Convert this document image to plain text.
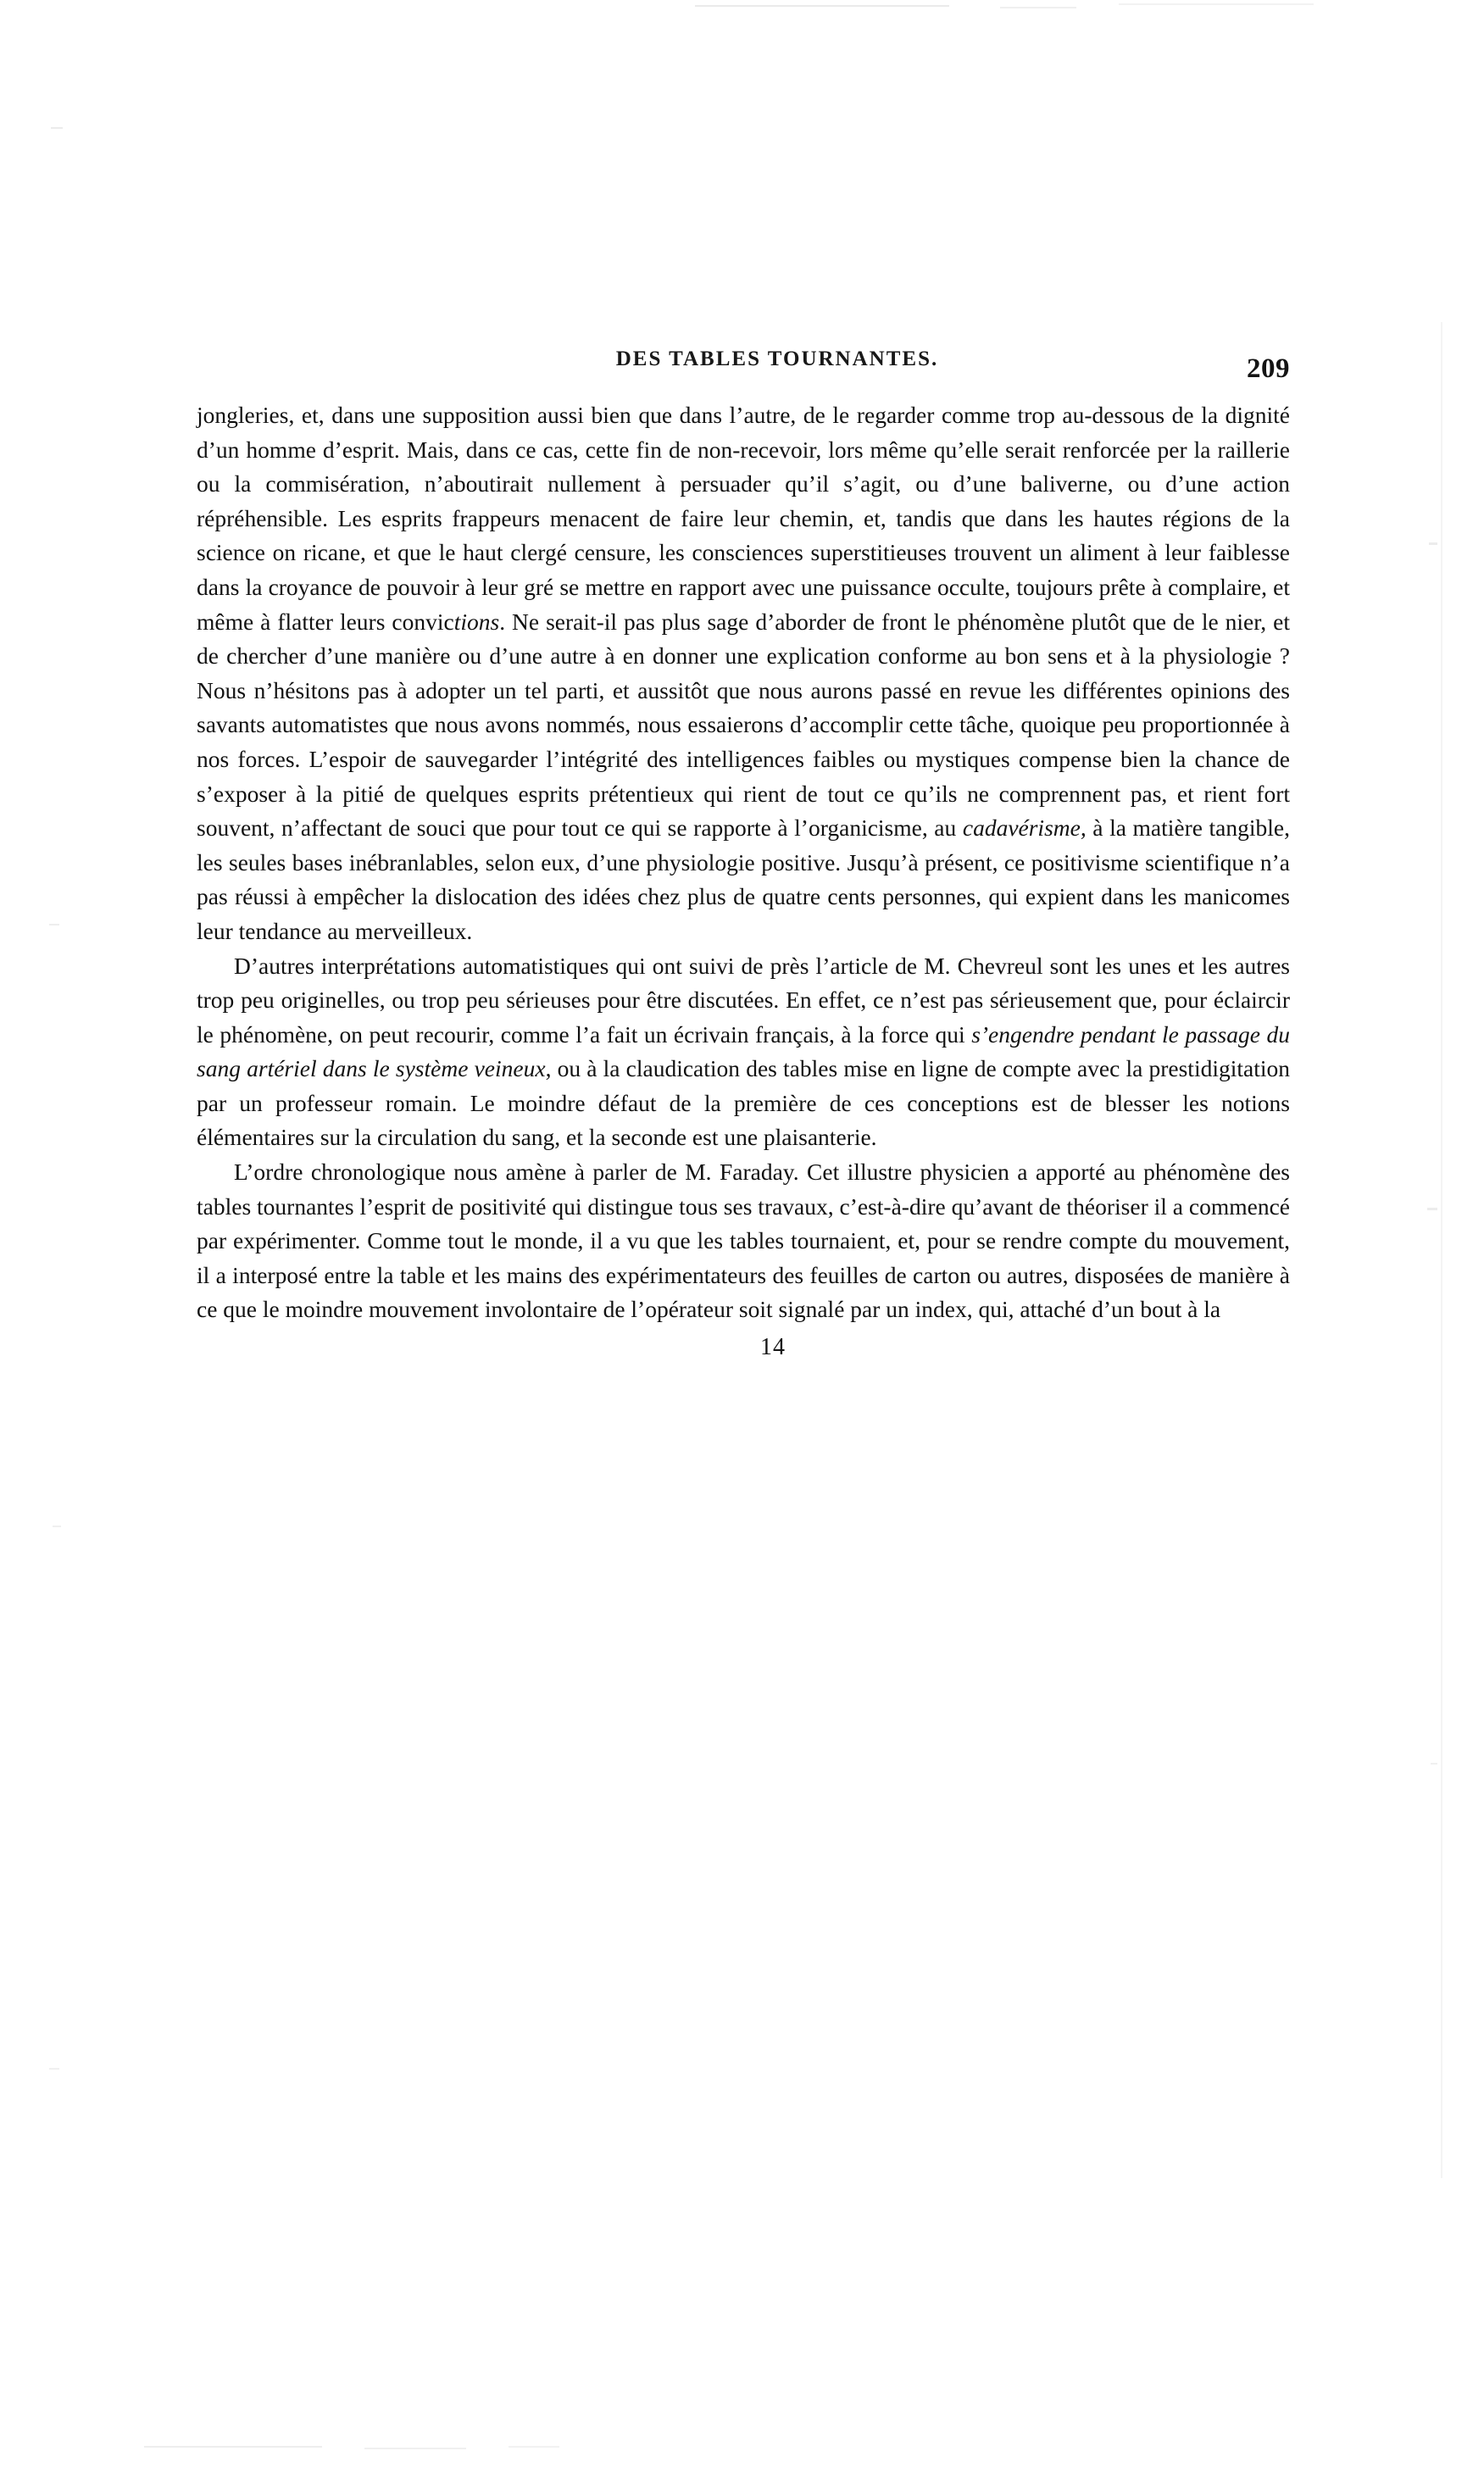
DES TABLES TOURNANTES.	209

jongleries, et, dans une supposition aussi bien que dans l’autre, de le regarder comme trop au-dessous de la dignité d’un homme d’esprit. Mais, dans ce cas, cette fin de non-recevoir, lors même qu’elle serait renforcée per la raillerie ou la commisération, n’aboutirait nullement à persuader qu’il s’agit, ou d’une baliverne, ou d’une action répréhensible. Les esprits frappeurs menacent de faire leur chemin, et, tandis que dans les hautes régions de la science on ricane, et que le haut clergé censure, les consciences superstitieuses trouvent un aliment à leur faiblesse dans la croyance de pouvoir à leur gré se mettre en rapport avec une puissance occulte, toujours prête à complaire, et même à flatter leurs convictions. Ne serait-il pas plus sage d’aborder de front le phénomène plutôt que de le nier, et de chercher d’une manière ou d’une autre à en donner une explication conforme au bon sens et à la physiologie ? Nous n’hésitons pas à adopter un tel parti, et aussitôt que nous aurons passé en revue les différentes opinions des savants automatistes que nous avons nommés, nous essaierons d’accomplir cette tâche, quoique peu proportionnée à nos forces. L’espoir de sauvegarder l’intégrité des intelligences faibles ou mystiques compense bien la chance de s’exposer à la pitié de quelques esprits prétentieux qui rient de tout ce qu’ils ne comprennent pas, et rient fort souvent, n’affectant de souci que pour tout ce qui se rapporte à l’organicisme, au cadavérisme, à la matière tangible, les seules bases inébranlables, selon eux, d’une physiologie positive. Jusqu’à présent, ce positivisme scientifique n’a pas réussi à empêcher la dislocation des idées chez plus de quatre cents personnes, qui expient dans les manicomes leur tendance au merveilleux.

D’autres interprétations automatistiques qui ont suivi de près l’article de M. Chevreul sont les unes et les autres trop peu originelles, ou trop peu sérieuses pour être discutées. En effet, ce n’est pas sérieusement que, pour éclaircir le phénomène, on peut recourir, comme l’a fait un écrivain français, à la force qui s’engendre pendant le passage du sang artériel dans le système veineux, ou à la claudication des tables mise en ligne de compte avec la prestidigitation par un professeur romain. Le moindre défaut de la première de ces conceptions est de blesser les notions élémentaires sur la circulation du sang, et la seconde est une plaisanterie.

L’ordre chronologique nous amène à parler de M. Faraday. Cet illustre physicien a apporté au phénomène des tables tournantes l’esprit de positivité qui distingue tous ses travaux, c’est-à-dire qu’avant de théoriser il a commencé par expérimenter. Comme tout le monde, il a vu que les tables tournaient, et, pour se rendre compte du mouvement, il a interposé entre la table et les mains des expérimentateurs des feuilles de carton ou autres, disposées de manière à ce que le moindre mouvement involontaire de l’opérateur soit signalé par un index, qui, attaché d’un bout à la

14
